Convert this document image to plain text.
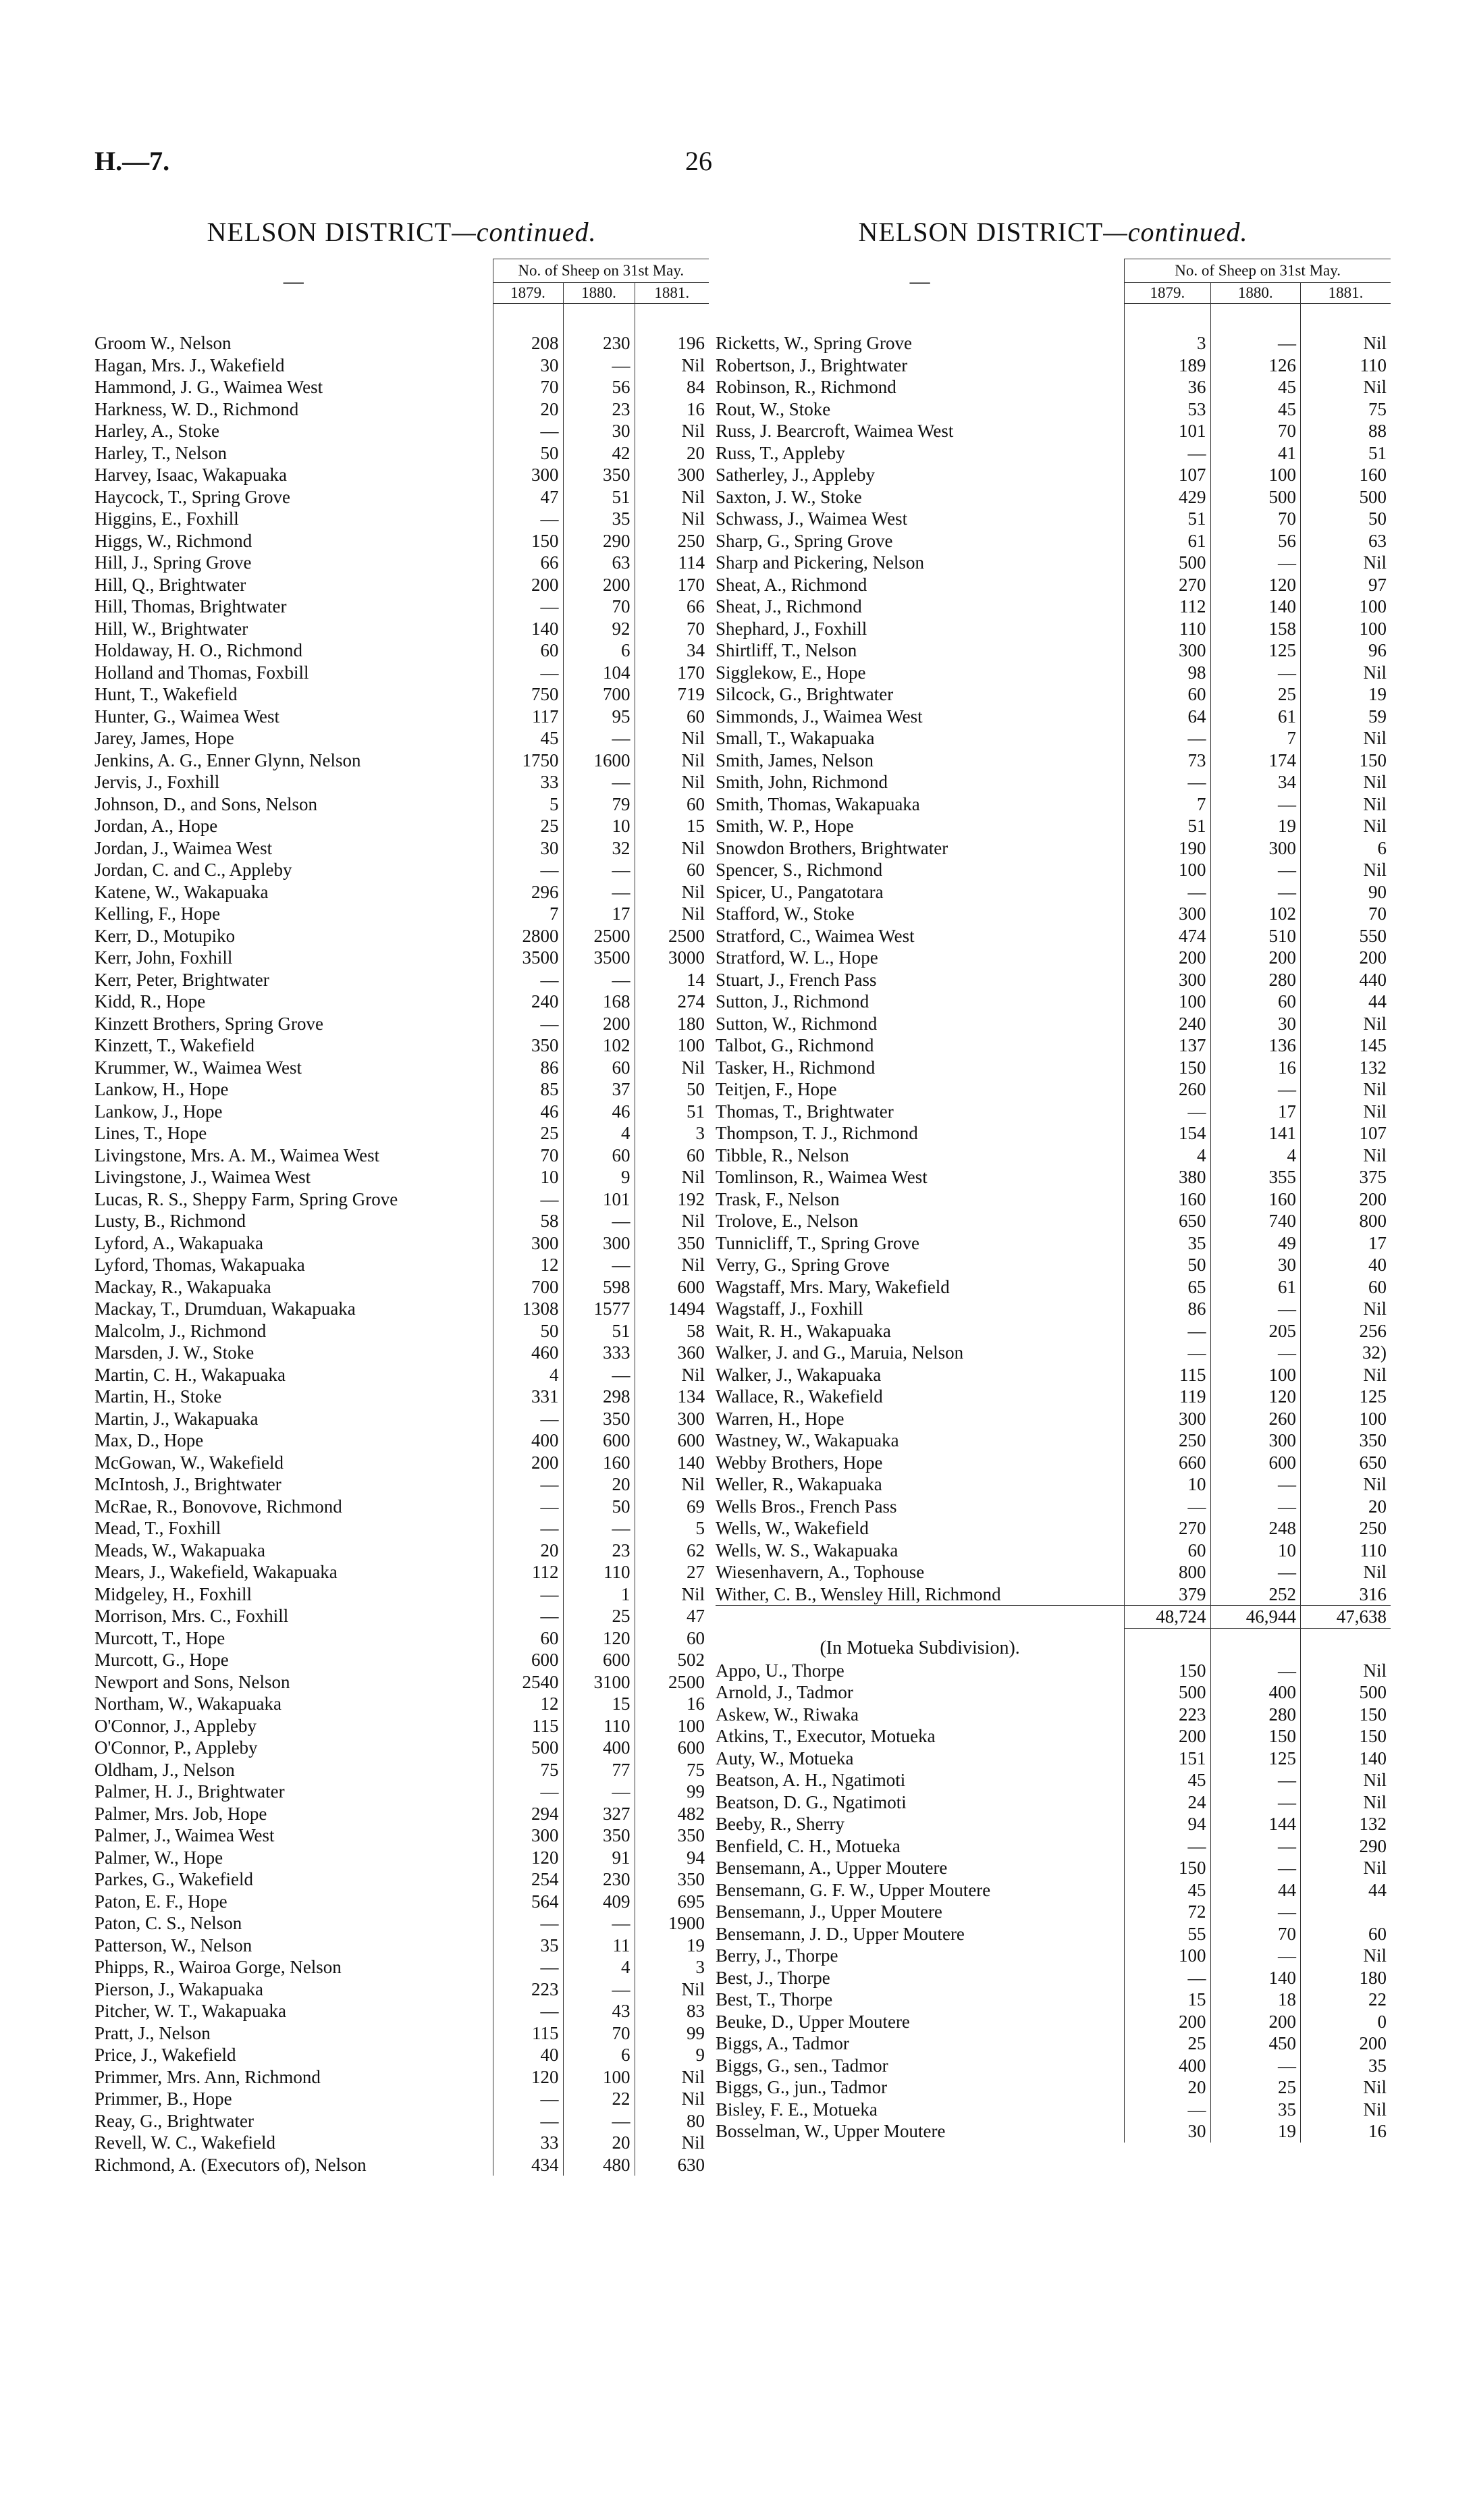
H.—7.	26
NELSON DISTRICT—continued.
—	No. of Sheep on 31st May.		
	1879.	1880.	1881.

Groom W., Nelson	208	230	196
Hagan, Mrs. J., Wakefield	30	—	Nil
Hammond, J. G., Waimea West	70	56	84
Harkness, W. D., Richmond	20	23	16
Harley, A., Stoke	—	30	Nil
Harley, T., Nelson	50	42	20
Harvey, Isaac, Wakapuaka	300	350	300
Haycock, T., Spring Grove	47	51	Nil
Higgins, E., Foxhill	—	35	Nil
Higgs, W., Richmond	150	290	250
Hill, J., Spring Grove	66	63	114
Hill, Q., Brightwater	200	200	170
Hill, Thomas, Brightwater	—	70	66
Hill, W., Brightwater	140	92	70
Holdaway, H. O., Richmond	60	6	34
Holland and Thomas, Foxbill	—	104	170
Hunt, T., Wakefield	750	700	719
Hunter, G., Waimea West	117	95	60
Jarey, James, Hope	45	—	Nil
Jenkins, A. G., Enner Glynn, Nelson	1750	1600	Nil
Jervis, J., Foxhill	33	—	Nil
Johnson, D., and Sons, Nelson	5	79	60
Jordan, A., Hope	25	10	15
Jordan, J., Waimea West	30	32	Nil
Jordan, C. and C., Appleby	—	—	60
Katene, W., Wakapuaka	296	—	Nil
Kelling, F., Hope	7	17	Nil
Kerr, D., Motupiko	2800	2500	2500
Kerr, John, Foxhill	3500	3500	3000
Kerr, Peter, Brightwater	—	—	14
Kidd, R., Hope	240	168	274
Kinzett Brothers, Spring Grove	—	200	180
Kinzett, T., Wakefield	350	102	100
Krummer, W., Waimea West	86	60	Nil
Lankow, H., Hope	85	37	50
Lankow, J., Hope	46	46	51
Lines, T., Hope	25	4	3
Livingstone, Mrs. A. M., Waimea West	70	60	60
Livingstone, J., Waimea West	10	9	Nil
Lucas, R. S., Sheppy Farm, Spring Grove	—	101	192
Lusty, B., Richmond	58	—	Nil
Lyford, A., Wakapuaka	300	300	350
Lyford, Thomas, Wakapuaka	12	—	Nil
Mackay, R., Wakapuaka	700	598	600
Mackay, T., Drumduan, Wakapuaka	1308	1577	1494
Malcolm, J., Richmond	50	51	58
Marsden, J. W., Stoke	460	333	360
Martin, C. H., Wakapuaka	4	—	Nil
Martin, H., Stoke	331	298	134
Martin, J., Wakapuaka	—	350	300
Max, D., Hope	400	600	600
McGowan, W., Wakefield	200	160	140
McIntosh, J., Brightwater	—	20	Nil
McRae, R., Bonovove, Richmond	—	50	69
Mead, T., Foxhill	—	—	5
Meads, W., Wakapuaka	20	23	62
Mears, J., Wakefield, Wakapuaka	112	110	27
Midgeley, H., Foxhill	—	1	Nil
Morrison, Mrs. C., Foxhill	—	25	47
Murcott, T., Hope	60	120	60
Murcott, G., Hope	600	600	502
Newport and Sons, Nelson	2540	3100	2500
Northam, W., Wakapuaka	12	15	16
O'Connor, J., Appleby	115	110	100
O'Connor, P., Appleby	500	400	600
Oldham, J., Nelson	75	77	75
Palmer, H. J., Brightwater	—	—	99
Palmer, Mrs. Job, Hope	294	327	482
Palmer, J., Waimea West	300	350	350
Palmer, W., Hope	120	91	94
Parkes, G., Wakefield	254	230	350
Paton, E. F., Hope	564	409	695
Paton, C. S., Nelson	—	—	1900
Patterson, W., Nelson	35	11	19
Phipps, R., Wairoa Gorge, Nelson	—	4	3
Pierson, J., Wakapuaka	223	—	Nil
Pitcher, W. T., Wakapuaka	—	43	83
Pratt, J., Nelson	115	70	99
Price, J., Wakefield	40	6	9
Primmer, Mrs. Ann, Richmond	120	100	Nil
Primmer, B., Hope	—	22	Nil
Reay, G., Brightwater	—	—	80
Revell, W. C., Wakefield	33	20	Nil
Richmond, A. (Executors of), Nelson	434	480	630
NELSON DISTRICT—continued.
—	No. of Sheep on 31st May.		
	1879.	1880.	1881.

Ricketts, W., Spring Grove	3	—	Nil
Robertson, J., Brightwater	189	126	110
Robinson, R., Richmond	36	45	Nil
Rout, W., Stoke	53	45	75
Russ, J. Bearcroft, Waimea West	101	70	88
Russ, T., Appleby	—	41	51
Satherley, J., Appleby	107	100	160
Saxton, J. W., Stoke	429	500	500
Schwass, J., Waimea West	51	70	50
Sharp, G., Spring Grove	61	56	63
Sharp and Pickering, Nelson	500	—	Nil
Sheat, A., Richmond	270	120	97
Sheat, J., Richmond	112	140	100
Shephard, J., Foxhill	110	158	100
Shirtliff, T., Nelson	300	125	96
Sigglekow, E., Hope	98	—	Nil
Silcock, G., Brightwater	60	25	19
Simmonds, J., Waimea West	64	61	59
Small, T., Wakapuaka	—	7	Nil
Smith, James, Nelson	73	174	150
Smith, John, Richmond	—	34	Nil
Smith, Thomas, Wakapuaka	7	—	Nil
Smith, W. P., Hope	51	19	Nil
Snowdon Brothers, Brightwater	190	300	6
Spencer, S., Richmond	100	—	Nil
Spicer, U., Pangatotara	—	—	90
Stafford, W., Stoke	300	102	70
Stratford, C., Waimea West	474	510	550
Stratford, W. L., Hope	200	200	200
Stuart, J., French Pass	300	280	440
Sutton, J., Richmond	100	60	44
Sutton, W., Richmond	240	30	Nil
Talbot, G., Richmond	137	136	145
Tasker, H., Richmond	150	16	132
Teitjen, F., Hope	260	—	Nil
Thomas, T., Brightwater	—	17	Nil
Thompson, T. J., Richmond	154	141	107
Tibble, R., Nelson	4	4	Nil
Tomlinson, R., Waimea West	380	355	375
Trask, F., Nelson	160	160	200
Trolove, E., Nelson	650	740	800
Tunnicliff, T., Spring Grove	35	49	17
Verry, G., Spring Grove	50	30	40
Wagstaff, Mrs. Mary, Wakefield	65	61	60
Wagstaff, J., Foxhill	86	—	Nil
Wait, R. H., Wakapuaka	—	205	256
Walker, J. and G., Maruia, Nelson	—	—	32)
Walker, J., Wakapuaka	115	100	Nil
Wallace, R., Wakefield	119	120	125
Warren, H., Hope	300	260	100
Wastney, W., Wakapuaka	250	300	350
Webby Brothers, Hope	660	600	650
Weller, R., Wakapuaka	10	—	Nil
Wells Bros., French Pass	—	—	20
Wells, W., Wakefield	270	248	250
Wells, W. S., Wakapuaka	60	10	110
Wiesenhavern, A., Tophouse	800	—	Nil
Wither, C. B., Wensley Hill, Richmond	379	252	316
	48,724	46,944	47,638
(In Motueka Subdivision).			
Appo, U., Thorpe	150	—	Nil
Arnold, J., Tadmor	500	400	500
Askew, W., Riwaka	223	280	150
Atkins, T., Executor, Motueka	200	150	150
Auty, W., Motueka	151	125	140
Beatson, A. H., Ngatimoti	45	—	Nil
Beatson, D. G., Ngatimoti	24	—	Nil
Beeby, R., Sherry	94	144	132
Benfield, C. H., Motueka	—	—	290
Bensemann, A., Upper Moutere	150	—	Nil
Bensemann, G. F. W., Upper Moutere	45	44	44
Bensemann, J., Upper Moutere	72	—	
Bensemann, J. D., Upper Moutere	55	70	60
Berry, J., Thorpe	100	—	Nil
Best, J., Thorpe	—	140	180
Best, T., Thorpe	15	18	22
Beuke, D., Upper Moutere	200	200	0
Biggs, A., Tadmor	25	450	200
Biggs, G., sen., Tadmor	400	—	35
Biggs, G., jun., Tadmor	20	25	Nil
Bisley, F. E., Motueka	—	35	Nil
Bosselman, W., Upper Moutere	30	19	16
